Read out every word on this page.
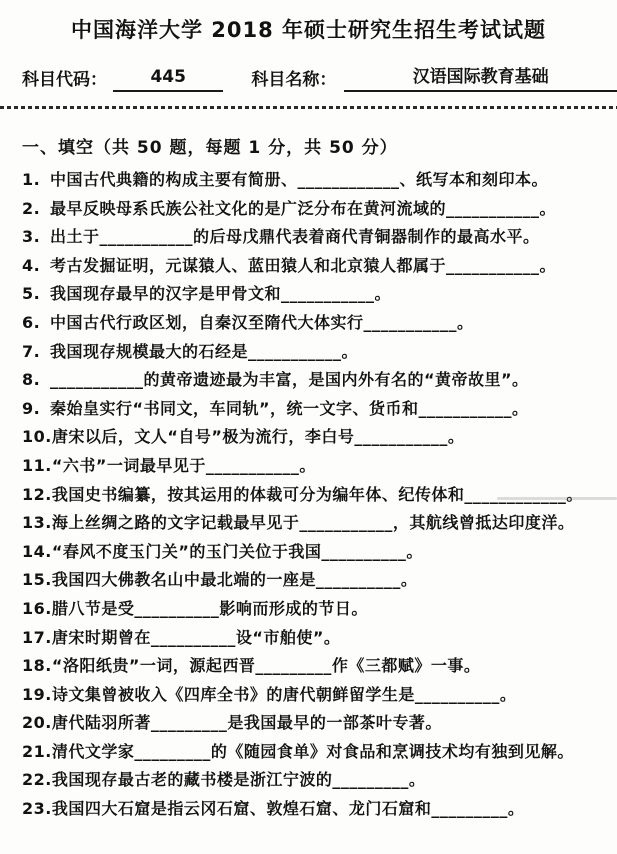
中国海洋大学 2018 年硕士研究生招生考试试题
科目代码：	445	科目名称：	汉语国际教育基础
一、填空（共 50 题，每题 1 分，共 50 分）
1. 中国古代典籍的构成主要有简册、____________、纸写本和刻印本。
2. 最早反映母系氏族公社文化的是广泛分布在黄河流域的___________。
3. 出土于___________的后母戊鼎代表着商代青铜器制作的最高水平。
4. 考古发掘证明，元谋猿人、蓝田猿人和北京猿人都属于___________。
5. 我国现存最早的汉字是甲骨文和___________。
6. 中国古代行政区划，自秦汉至隋代大体实行___________。
7. 我国现存规模最大的石经是___________。
8. ___________的黄帝遗迹最为丰富，是国内外有名的“黄帝故里”。
9. 秦始皇实行“书同文，车同轨”，统一文字、货币和___________。
10. 唐宋以后，文人“自号”极为流行，李白号___________。
11. “六书”一词最早见于___________。
12. 我国史书编纂，按其运用的体裁可分为编年体、纪传体和____________。
13. 海上丝绸之路的文字记载最早见于___________，其航线曾抵达印度洋。
14. “春风不度玉门关”的玉门关位于我国__________。
15. 我国四大佛教名山中最北端的一座是__________。
16. 腊八节是受__________影响而形成的节日。
17. 唐宋时期曾在__________设“市舶使”。
18. “洛阳纸贵”一词，源起西晋_________作《三都赋》一事。
19. 诗文集曾被收入《四库全书》的唐代朝鲜留学生是__________。
20. 唐代陆羽所著_________是我国最早的一部茶叶专著。
21. 清代文学家_________的《随园食单》对食品和烹调技术均有独到见解。
22. 我国现存最古老的藏书楼是浙江宁波的_________。
23. 我国四大石窟是指云冈石窟、敦煌石窟、龙门石窟和_________。
